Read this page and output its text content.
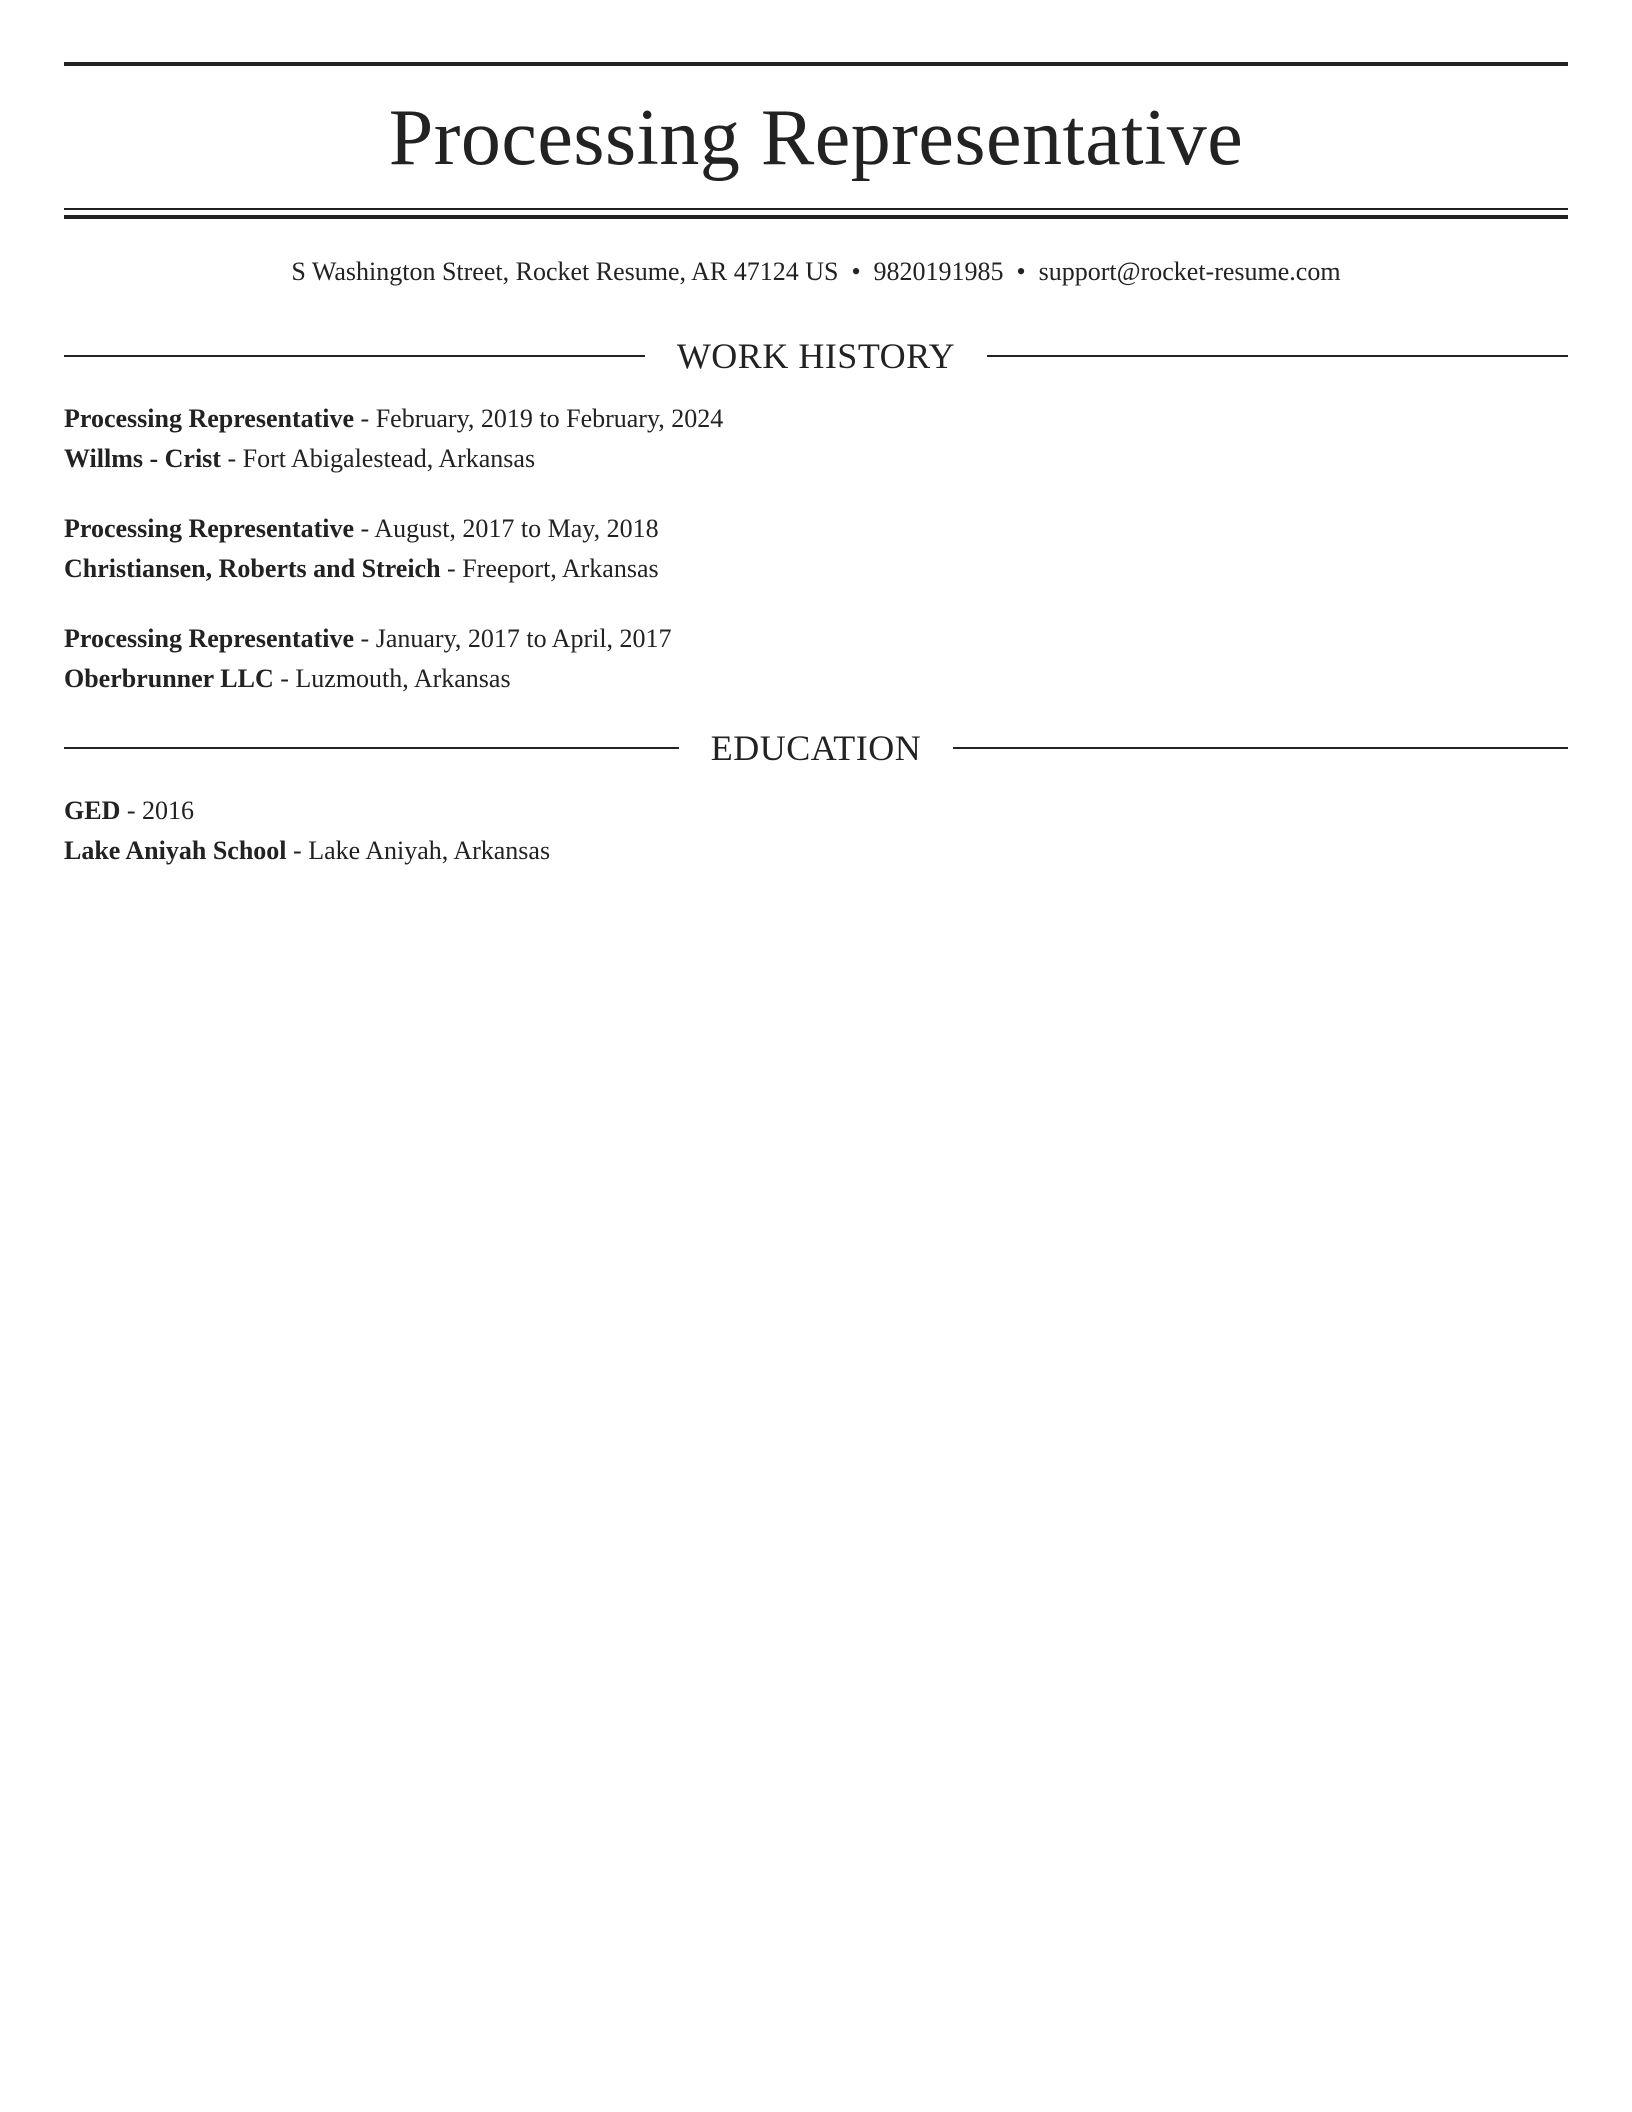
Processing Representative
S Washington Street, Rocket Resume, AR 47124 US • 9820191985 • support@rocket-resume.com
WORK HISTORY
Processing Representative - February, 2019 to February, 2024
Willms - Crist - Fort Abigalestead, Arkansas
Processing Representative - August, 2017 to May, 2018
Christiansen, Roberts and Streich - Freeport, Arkansas
Processing Representative - January, 2017 to April, 2017
Oberbrunner LLC - Luzmouth, Arkansas
EDUCATION
GED - 2016
Lake Aniyah School - Lake Aniyah, Arkansas
